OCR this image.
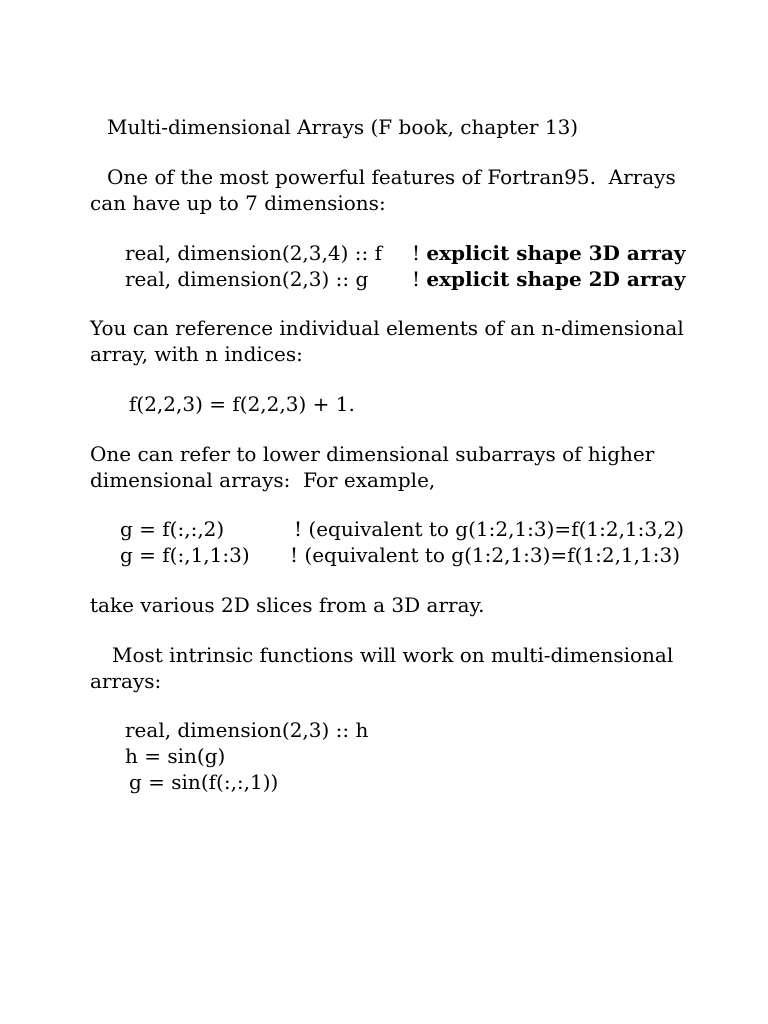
Multi-dimensional Arrays (F book, chapter 13)

One of the most powerful features of Fortran95.  Arrays

can have up to 7 dimensions:

real, dimension(2,3,4) :: f ! explicit shape 3D array

real, dimension(2,3) :: g ! explicit shape 2D array

You can reference individual elements of an n-dimensional

array, with n indices:

f(2,2,3) = f(2,2,3) + 1.

One can refer to lower dimensional subarrays of higher

dimensional arrays:  For example,

g = f(:,:,2)	! (equivalent to g(1:2,1:3)=f(1:2,1:3,2)

g = f(:,1,1:3) ! (equivalent to g(1:2,1:3)=f(1:2,1,1:3)

take various 2D slices from a 3D array.

Most intrinsic functions will work on multi-dimensional

arrays:

real, dimension(2,3) :: h

h = sin(g)

g = sin(f(:,:,1))
